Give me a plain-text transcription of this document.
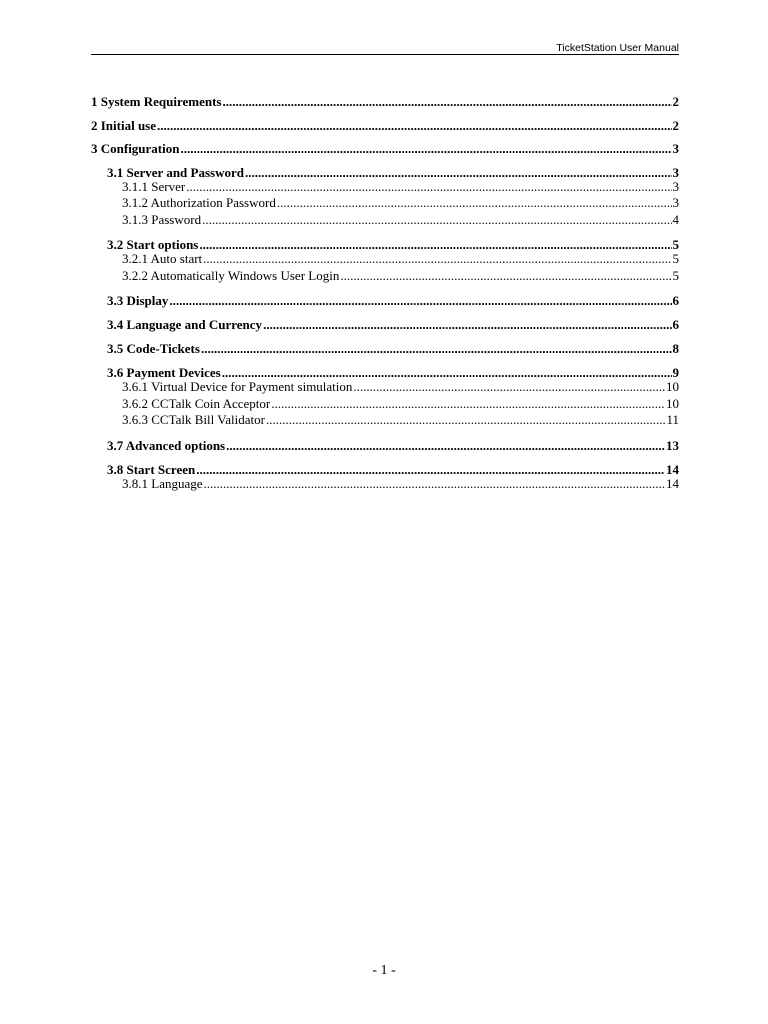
TicketStation User Manual
1 System Requirements .....	2
2 Initial use .....	2
3 Configuration .....	3
3.1 Server and Password .....	3
3.1.1 Server .....	3
3.1.2 Authorization Password .....	3
3.1.3 Password .....	4
3.2 Start options .....	5
3.2.1 Auto start .....	5
3.2.2 Automatically Windows User Login .....	5
3.3 Display .....	6
3.4 Language and Currency .....	6
3.5 Code-Tickets .....	8
3.6 Payment Devices .....	9
3.6.1 Virtual Device for Payment simulation .....	10
3.6.2 CCTalk Coin Acceptor .....	10
3.6.3 CCTalk Bill Validator .....	11
3.7 Advanced options .....	13
3.8 Start Screen .....	14
3.8.1 Language .....	14
- 1 -
